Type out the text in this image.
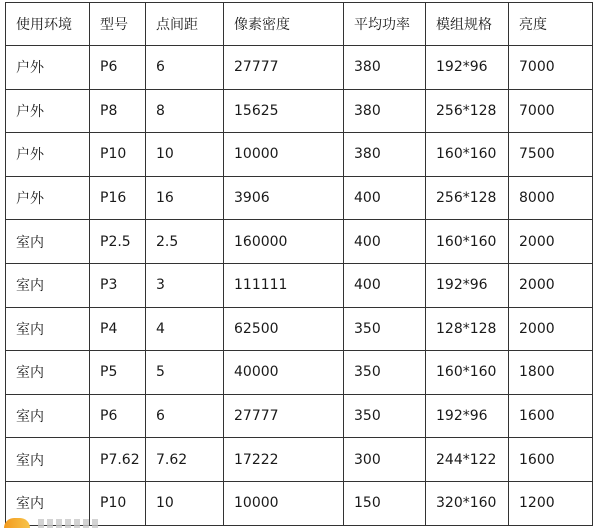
使用环境	型号	点间距	像素密度	平均功率	模组规格	亮度
户外	P6	6	27777	380	192*96	7000
户外	P8	8	15625	380	256*128	7000
户外	P10	10	10000	380	160*160	7500
户外	P16	16	3906	400	256*128	8000
室内	P2.5	2.5	160000	400	160*160	2000
室内	P3	3	111111	400	192*96	2000
室内	P4	4	62500	350	128*128	2000
室内	P5	5	40000	350	160*160	1800
室内	P6	6	27777	350	192*96	1600
室内	P7.62	7.62	17222	300	244*122	1600
室内	P10	10	10000	150	320*160	1200
